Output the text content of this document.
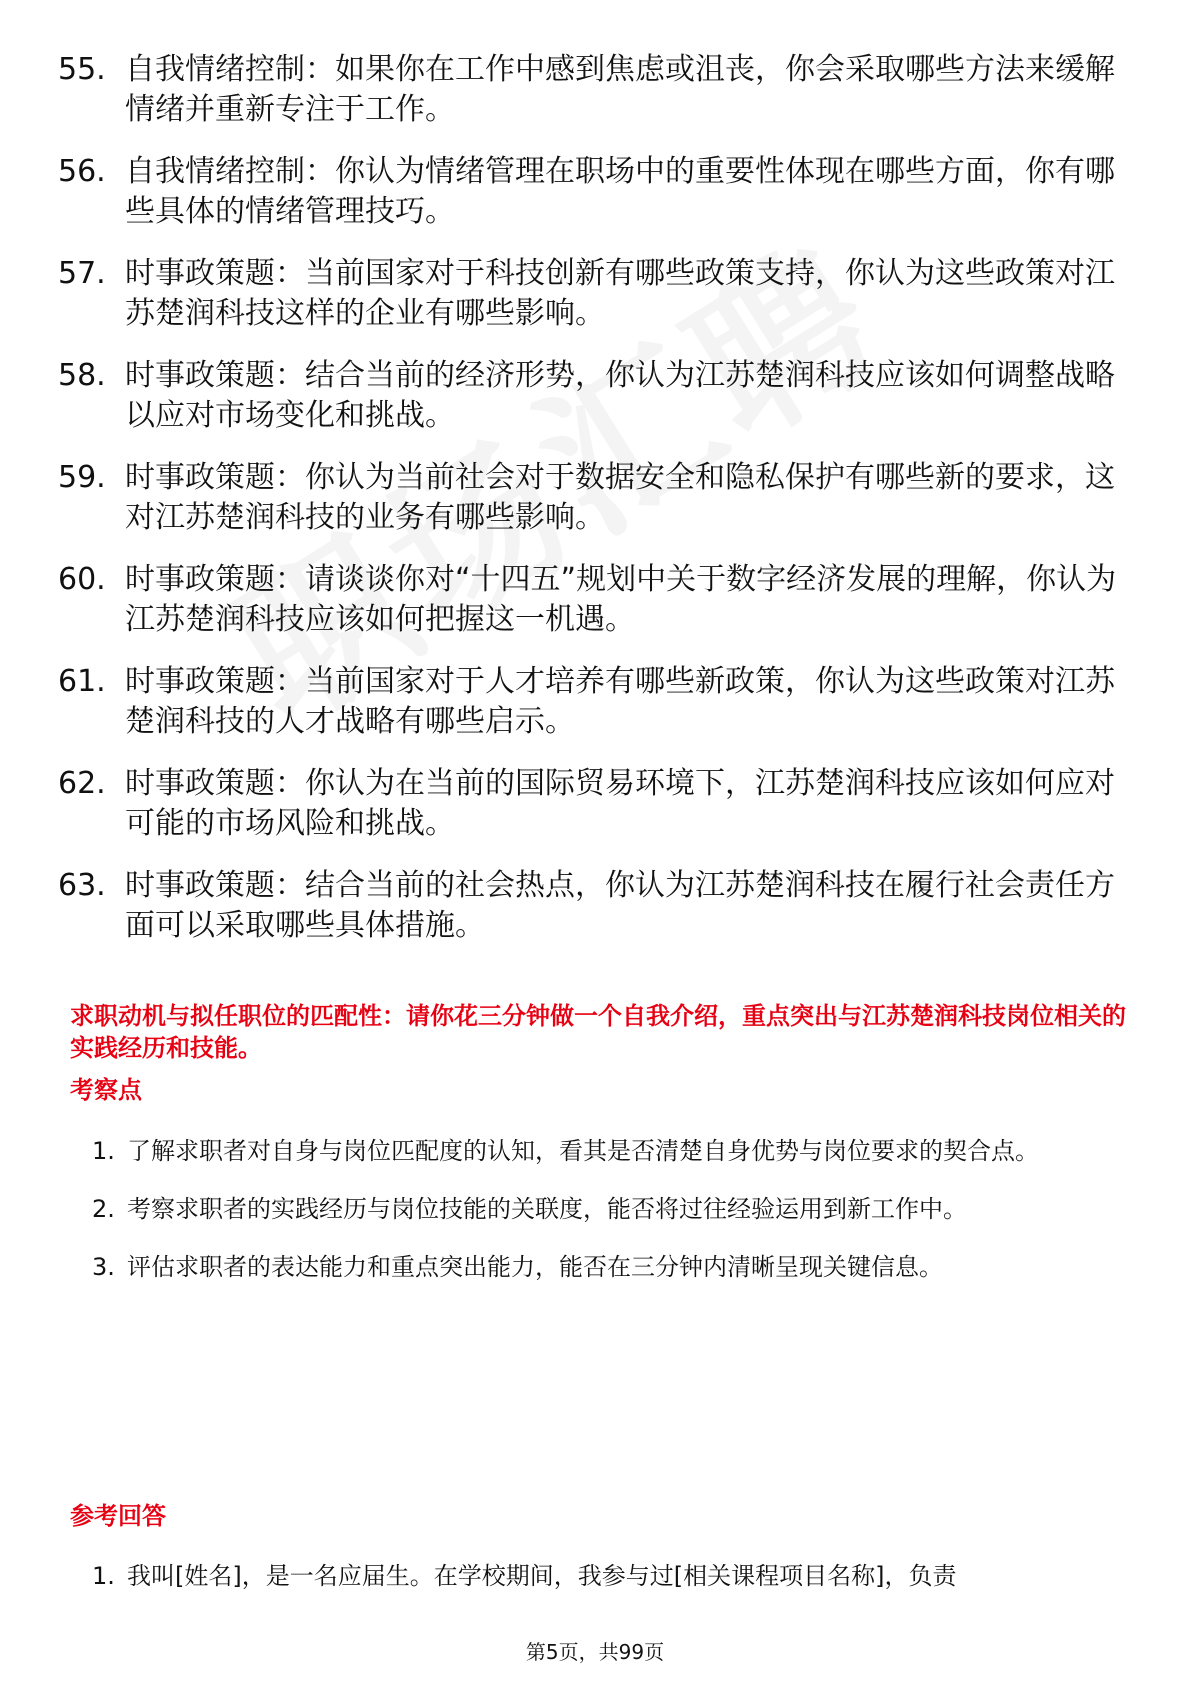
55. 自我情绪控制：如果你在工作中感到焦虑或沮丧，你会采取哪些方法来缓解情绪并重新专注于工作。
56. 自我情绪控制：你认为情绪管理在职场中的重要性体现在哪些方面，你有哪些具体的情绪管理技巧。
57. 时事政策题：当前国家对于科技创新有哪些政策支持，你认为这些政策对江苏楚润科技这样的企业有哪些影响。
58. 时事政策题：结合当前的经济形势，你认为江苏楚润科技应该如何调整战略以应对市场变化和挑战。
59. 时事政策题：你认为当前社会对于数据安全和隐私保护有哪些新的要求，这对江苏楚润科技的业务有哪些影响。
60. 时事政策题：请谈谈你对“十四五”规划中关于数字经济发展的理解，你认为江苏楚润科技应该如何把握这一机遇。
61. 时事政策题：当前国家对于人才培养有哪些新政策，你认为这些政策对江苏楚润科技的人才战略有哪些启示。
62. 时事政策题：你认为在当前的国际贸易环境下，江苏楚润科技应该如何应对可能的市场风险和挑战。
63. 时事政策题：结合当前的社会热点，你认为江苏楚润科技在履行社会责任方面可以采取哪些具体措施。

求职动机与拟任职位的匹配性：请你花三分钟做一个自我介绍，重点突出与江苏楚润科技岗位相关的实践经历和技能。

考察点
1. 了解求职者对自身与岗位匹配度的认知，看其是否清楚自身优势与岗位要求的契合点。
2. 考察求职者的实践经历与岗位技能的关联度，能否将过往经验运用到新工作中。
3. 评估求职者的表达能力和重点突出能力，能否在三分钟内清晰呈现关键信息。
参考回答
1. 我叫[姓名]，是一名应届生。在学校期间，我参与过[相关课程项目名称]，负责
第5页，共99页
